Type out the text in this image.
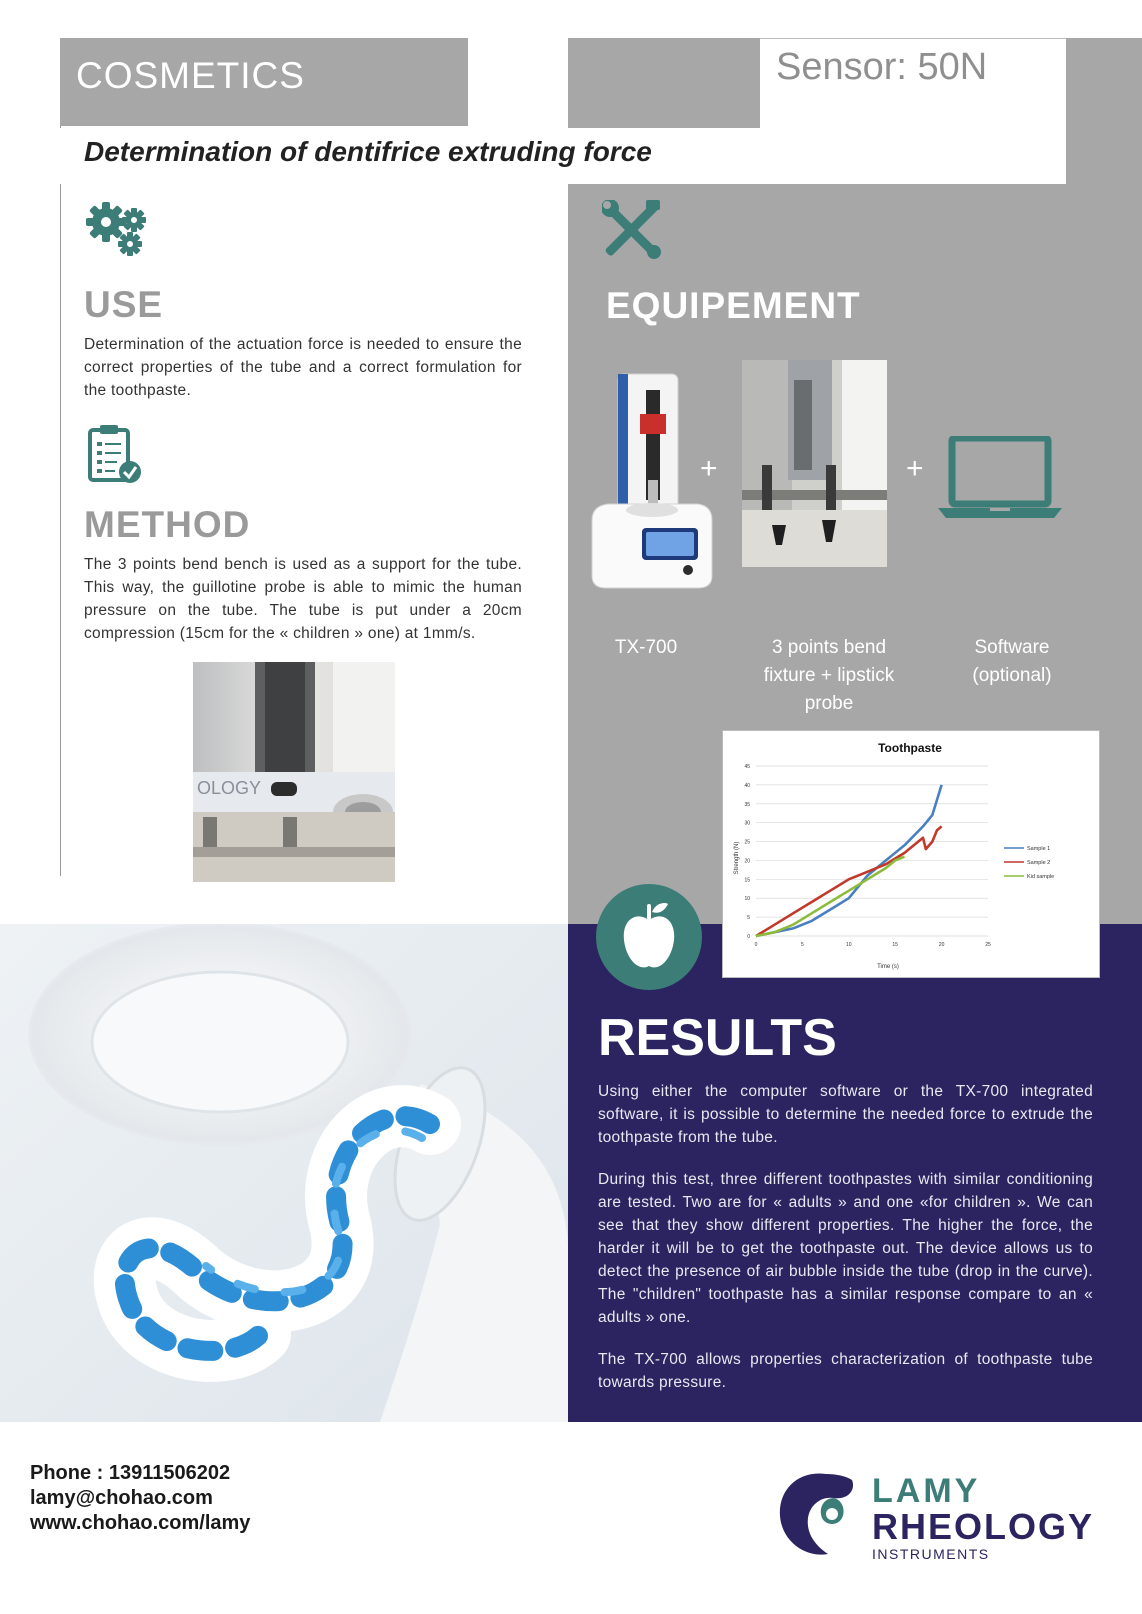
COSMETICS	Sensor: 50N
Determination of dentifrice extruding force
USE
Determination of the actuation force is needed to ensure the correct properties of the tube and a correct formulation for the toothpaste.
METHOD
The 3 points bend bench is used as a support for the tube. This way, the guillotine probe is able to mimic the human pressure on the tube. The tube is put under a 20cm compression (15cm for the « children » one) at 1mm/s.
OLOGY
EQUIPEMENT
+	+
TX-700	3 points bend fixture + lipstick probe
Software (optional)
Toothpaste
0
5
10
15
20
25
30
35
40
45
0	5	10	15	20	25
Sample 1
Sample 2
Kid sample
Time (s)
Strength (N)
RESULTS
Using either the computer software or the TX-700 integrated software, it is possible to determine the needed force to extrude the toothpaste from the tube.
During this test, three different toothpastes with similar conditioning are tested. Two are for « adults » and one «for children ». We can see that they show different properties. The higher the force, the harder it will be to get the toothpaste out. The device allows us to detect the presence of air bubble inside the tube (drop in the curve). The "children" toothpaste has a similar response compare to an « adults » one.
The TX-700 allows properties characterization of toothpaste tube towards pressure.
Phone : 13911506202
lamy@chohao.com
www.chohao.com/lamy
LAMY
RHEOLOGY
INSTRUMENTS
